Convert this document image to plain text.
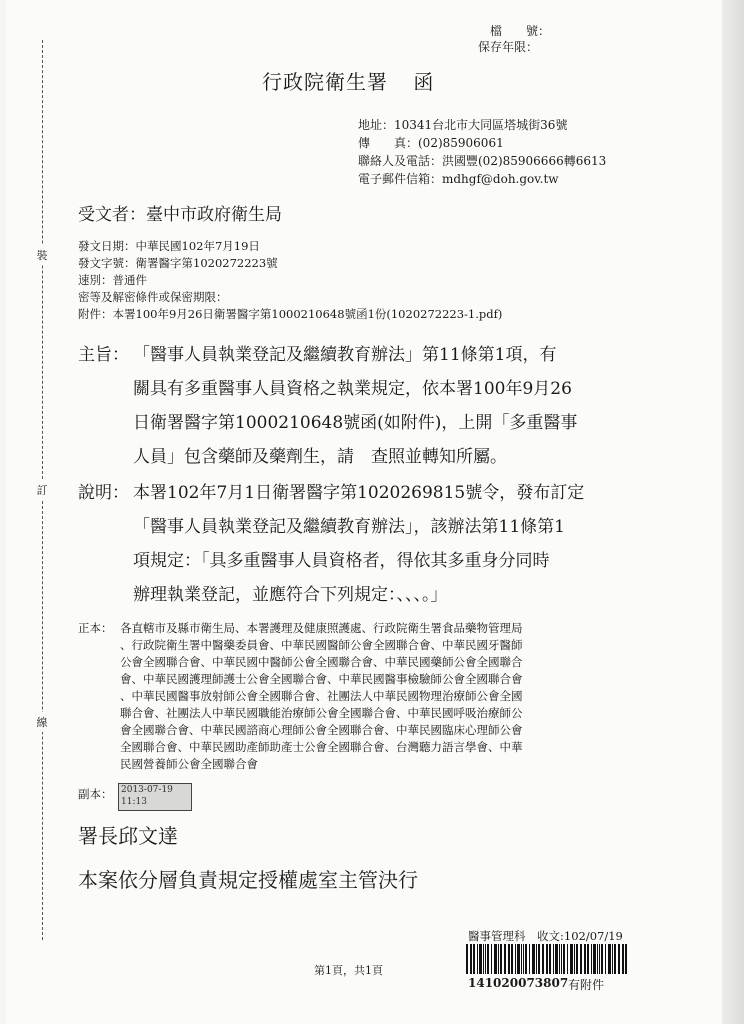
裝
訂
線
檔　　號：
保存年限：
行政院衛生署 函
地址：10341台北市大同區塔城街36號
傳　　真：(02)85906061
聯絡人及電話：洪國豐(02)85906666轉6613
電子郵件信箱：mdhgf@doh.gov.tw
受文者：臺中市政府衛生局
發文日期：中華民國102年7月19日
發文字號：衛署醫字第1020272223號
速別：普通件
密等及解密條件或保密期限：
附件：本署100年9月26日衛署醫字第1000210648號函1份(1020272223-1.pdf)
主旨： 「醫事人員執業登記及繼續教育辦法」第11條第1項，有
關具有多重醫事人員資格之執業規定，依本署100年9月26
日衛署醫字第1000210648號函(如附件)，上開「多重醫事
人員」包含藥師及藥劑生，請　查照並轉知所屬。
說明： 本署102年7月1日衛署醫字第1020269815號令，發布訂定
「醫事人員執業登記及繼續教育辦法」，該辦法第11條第1
項規定：「具多重醫事人員資格者，得依其多重身分同時
辦理執業登記，並應符合下列規定：、、、。」
正本： 各直轄市及縣市衛生局、本署護理及健康照護處、行政院衛生署食品藥物管理局
、行政院衛生署中醫藥委員會、中華民國醫師公會全國聯合會、中華民國牙醫師
公會全國聯合會、中華民國中醫師公會全國聯合會、中華民國藥師公會全國聯合
會、中華民國護理師護士公會全國聯合會、中華民國醫事檢驗師公會全國聯合會
、中華民國醫事放射師公會全國聯合會、社團法人中華民國物理治療師公會全國
聯合會、社團法人中華民國職能治療師公會全國聯合會、中華民國呼吸治療師公
會全國聯合會、中華民國諮商心理師公會全國聯合會、中華民國臨床心理師公會
全國聯合會、中華民國助產師助產士公會全國聯合會、台灣聽力語言學會、中華
民國營養師公會全國聯合會
副本： 2013-07-19
11:13
署長邱文達
本案依分層負責規定授權處室主管決行
第1頁，共1頁
醫事管理科　收文:102/07/19
141020073807 有附件
